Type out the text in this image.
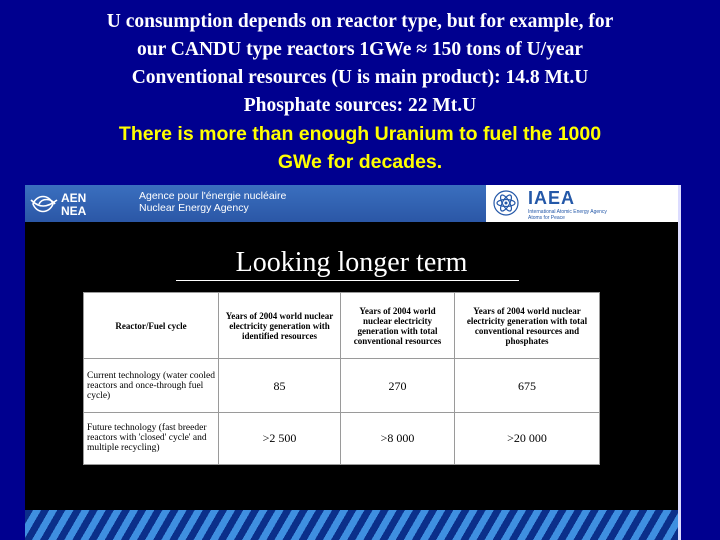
U consumption depends on reactor type, but for example, for
our CANDU type reactors 1GWe ≈ 150 tons of U/year
Conventional resources (U is main product): 14.8 Mt.U
Phosphate sources: 22 Mt.U
There is more than enough Uranium to fuel the 1000
GWe for decades.
AEN
NEA
Agence pour l'énergie nucléaire
Nuclear Energy Agency	IAEA
International Atomic Energy Agency
Atoms for Peace
Looking longer term
Reactor/Fuel cycle	Years of 2004 world nuclear electricity generation with identified resources	Years of 2004 world nuclear electricity generation with total conventional resources	Years of 2004 world nuclear electricity generation with total conventional resources and phosphates
Current technology (water cooled reactors and once-through fuel cycle)	85	270	675
Future technology (fast breeder reactors with 'closed' cycle' and multiple recycling)	>2 500	>8 000	>20 000
